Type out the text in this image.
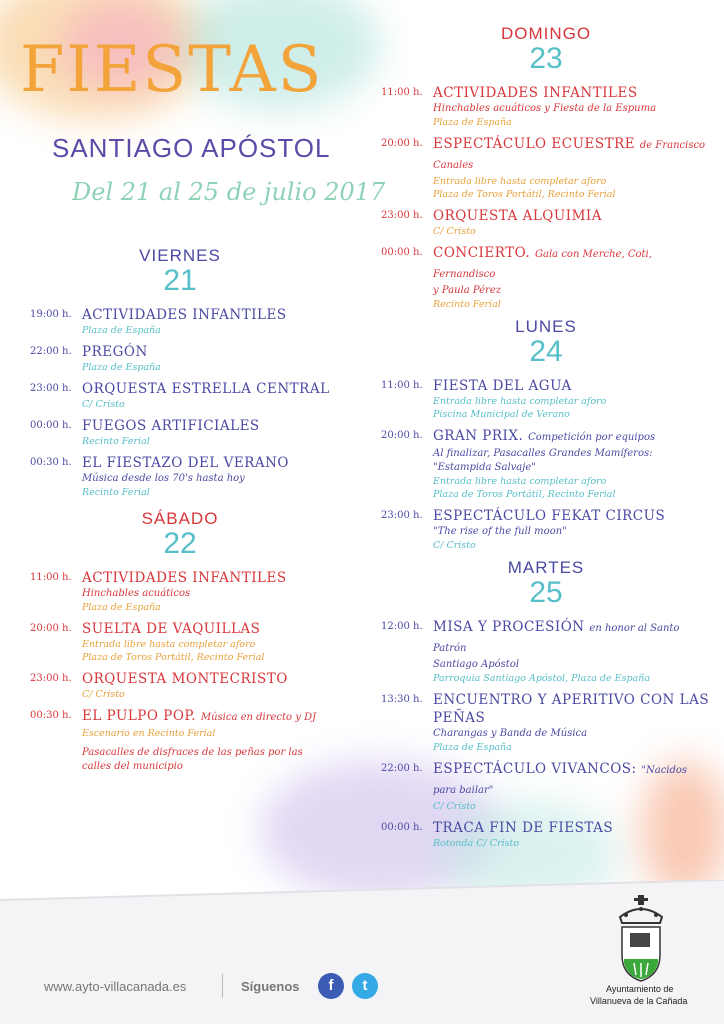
FIESTAS
SANTIAGO APÓSTOL
Del 21 al 25 de julio 2017
VIERNES
21
19:00 h. ACTIVIDADES INFANTILES
Plaza de España
22:00 h. PREGÓN
Plaza de España
23:00 h. ORQUESTA ESTRELLA CENTRAL
C/ Cristo
00:00 h. FUEGOS ARTIFICIALES
Recinto Ferial
00:30 h. EL FIESTAZO DEL VERANO
Música desde los 70's hasta hoy
Recinto Ferial
SÁBADO
22
11:00 h. ACTIVIDADES INFANTILES
Hinchables acuáticos
Plaza de España
20:00 h. SUELTA DE VAQUILLAS
Entrada libre hasta completar aforo
Plaza de Toros Portátil, Recinto Ferial
23:00 h. ORQUESTA MONTECRISTO
C/ Cristo
00:30 h. EL PULPO POP. Música en directo y DJ
Escenario en Recinto Ferial
Pasacalles de disfraces de las peñas por las calles del municipio
DOMINGO
23
11:00 h. ACTIVIDADES INFANTILES
Hinchables acuáticos y Fiesta de la Espuma
Plaza de España
20:00 h. ESPECTÁCULO ECUESTRE de Francisco Canales
Entrada libre hasta completar aforo
Plaza de Toros Portátil, Recinto Ferial
23:00 h. ORQUESTA ALQUIMIA
C/ Cristo
00:00 h. CONCIERTO. Gala con Merche, Coti, Fernandisco
y Paula Pérez
Recinto Ferial
LUNES
24
11:00 h. FIESTA DEL AGUA
Entrada libre hasta completar aforo
Piscina Municipal de Verano
20:00 h. GRAN PRIX. Competición por equipos
Al finalizar, Pasacalles Grandes Mamíferos:
"Estampida Salvaje"
Entrada libre hasta completar aforo
Plaza de Toros Portátil, Recinto Ferial
23:00 h. ESPECTÁCULO FEKAT CIRCUS
"The rise of the full moon"
C/ Cristo
MARTES
25
12:00 h. MISA Y PROCESIÓN en honor al Santo Patrón
Santiago Apóstol
Parroquia Santiago Apóstol, Plaza de España
13:30 h. ENCUENTRO Y APERITIVO CON LAS PEÑAS
Charangas y Banda de Música
Plaza de España
22:00 h. ESPECTÁCULO VIVANCOS: "Nacidos para bailar"
C/ Cristo
00:00 h. TRACA FIN DE FIESTAS
Rotonda C/ Cristo
www.ayto-villacanada.es	Síguenos	f	t	Ayuntamiento de
Villanueva de la Cañada
